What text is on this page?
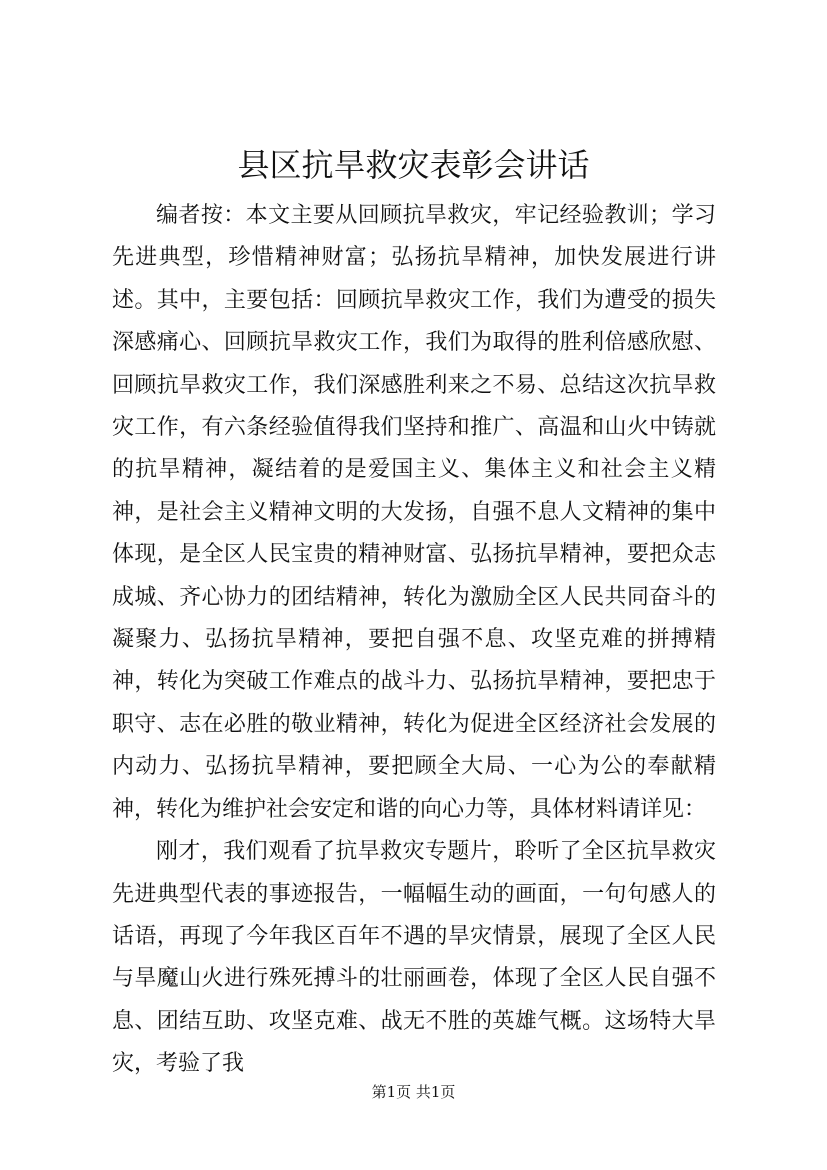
县区抗旱救灾表彰会讲话

编者按：本文主要从回顾抗旱救灾，牢记经验教训；学习先进典型，珍惜精神财富；弘扬抗旱精神，加快发展进行讲述。其中，主要包括：回顾抗旱救灾工作，我们为遭受的损失深感痛心、回顾抗旱救灾工作，我们为取得的胜利倍感欣慰、回顾抗旱救灾工作，我们深感胜利来之不易、总结这次抗旱救灾工作，有六条经验值得我们坚持和推广、高温和山火中铸就的抗旱精神，凝结着的是爱国主义、集体主义和社会主义精神，是社会主义精神文明的大发扬，自强不息人文精神的集中体现，是全区人民宝贵的精神财富、弘扬抗旱精神，要把众志成城、齐心协力的团结精神，转化为激励全区人民共同奋斗的凝聚力、弘扬抗旱精神，要把自强不息、攻坚克难的拼搏精神，转化为突破工作难点的战斗力、弘扬抗旱精神，要把忠于职守、志在必胜的敬业精神，转化为促进全区经济社会发展的内动力、弘扬抗旱精神，要把顾全大局、一心为公的奉献精神，转化为维护社会安定和谐的向心力等，具体材料请详见：

刚才，我们观看了抗旱救灾专题片，聆听了全区抗旱救灾先进典型代表的事迹报告，一幅幅生动的画面，一句句感人的话语，再现了今年我区百年不遇的旱灾情景，展现了全区人民与旱魔山火进行殊死搏斗的壮丽画卷，体现了全区人民自强不息、团结互助、攻坚克难、战无不胜的英雄气概。这场特大旱灾，考验了我

第1页 共1页
